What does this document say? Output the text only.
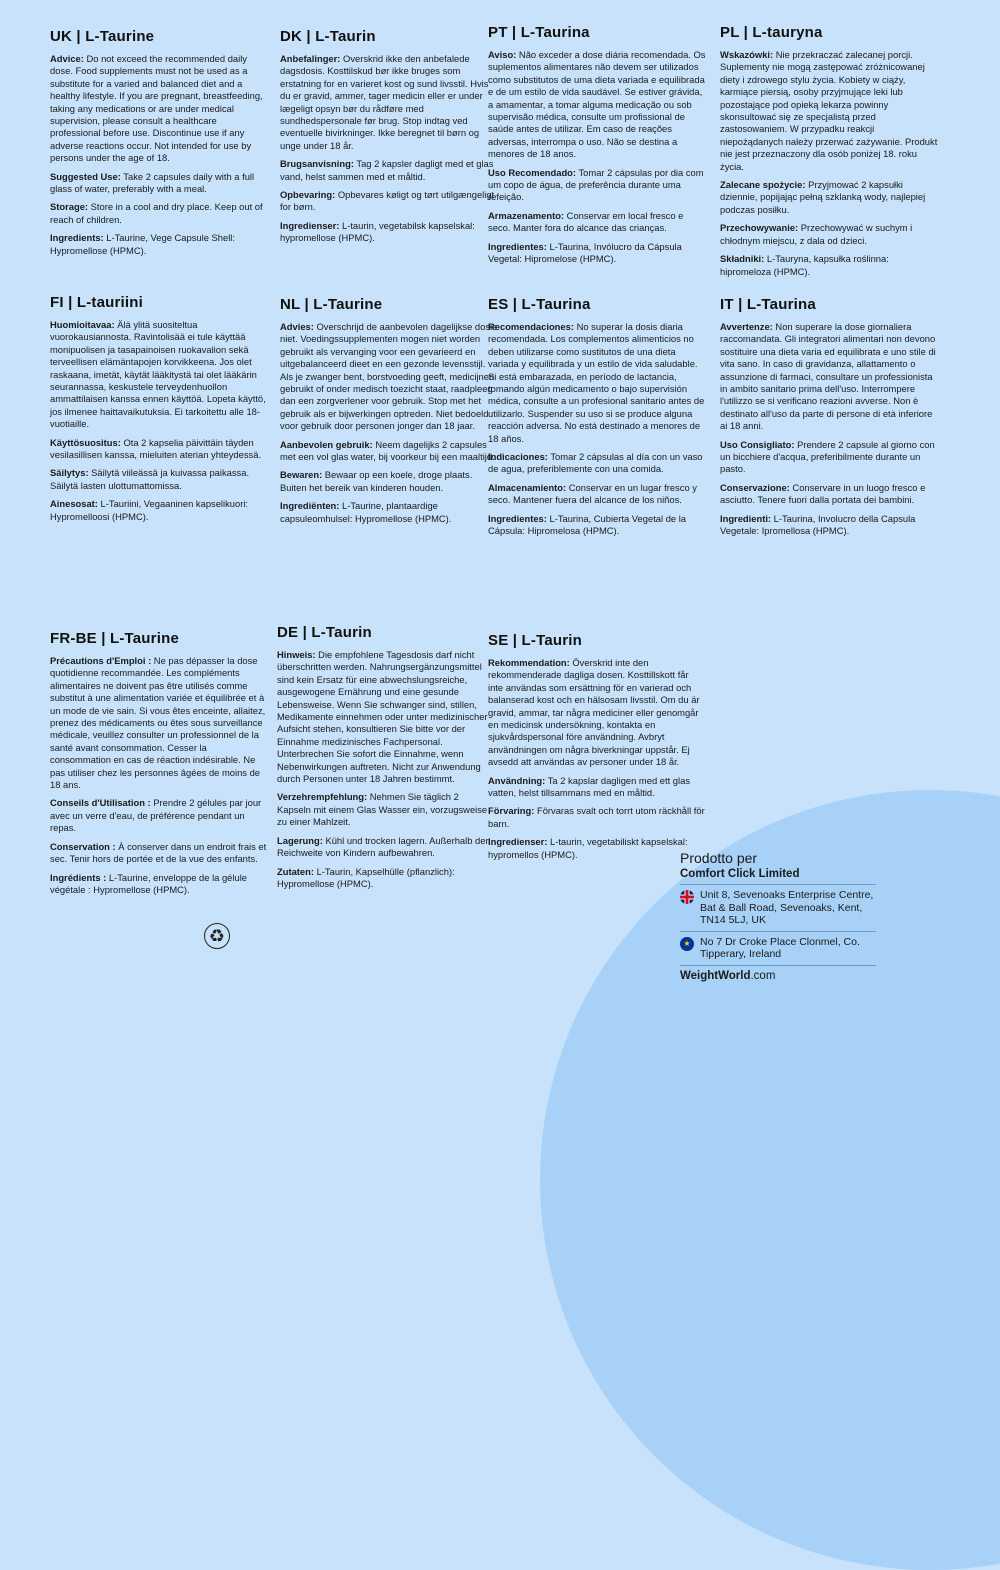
UK | L-Taurine

Advice: Do not exceed the recommended daily dose. Food supplements must not be used as a substitute for a varied and balanced diet and a healthy lifestyle. If you are pregnant, breastfeeding, taking any medications or are under medical supervision, please consult a healthcare professional before use. Discontinue use if any adverse reactions occur. Not intended for use by persons under the age of 18.

Suggested Use: Take 2 capsules daily with a full glass of water, preferably with a meal.

Storage: Store in a cool and dry place. Keep out of reach of children.

Ingredients: L-Taurine, Vege Capsule Shell: Hypromellose (HPMC).

DK | L-Taurin

Anbefalinger: Overskrid ikke den anbefalede dagsdosis. Kosttilskud bør ikke bruges som erstatning for en varieret kost og sund livsstil. Hvis du er gravid, ammer, tager medicin eller er under lægeligt opsyn bør du rådføre med sundhedspersonale før brug. Stop indtag ved eventuelle bivirkninger. Ikke beregnet til børn og unge under 18 år.

Brugsanvisning: Tag 2 kapsler dagligt med et glas vand, helst sammen med et måltid.

Opbevaring: Opbevares køligt og tørt utilgængeligt for børn.

Ingredienser: L-taurin, vegetabilsk kapselskal: hypromellose (HPMC).

PT | L-Taurina

Aviso: Não exceder a dose diária recomendada. Os suplementos alimentares não devem ser utilizados como substitutos de uma dieta variada e equilibrada e de um estilo de vida saudável. Se estiver grávida, a amamentar, a tomar alguma medicação ou sob supervisão médica, consulte um profissional de saúde antes de utilizar. Em caso de reações adversas, interrompa o uso. Não se destina a menores de 18 anos.

Uso Recomendado: Tomar 2 cápsulas por dia com um copo de água, de preferência durante uma refeição.

Armazenamento: Conservar em local fresco e seco. Manter fora do alcance das crianças.

Ingredientes: L-Taurina, Invólucro da Cápsula Vegetal: Hipromelose (HPMC).

PL | L-tauryna

Wskazówki: Nie przekraczać zalecanej porcji. Suplementy nie mogą zastępować zróżnicowanej diety i zdrowego stylu życia. Kobiety w ciąży, karmiące piersią, osoby przyjmujące leki lub pozostające pod opieką lekarza powinny skonsultować się ze specjalistą przed zastosowaniem. W przypadku reakcji niepożądanych należy przerwać zażywanie. Produkt nie jest przeznaczony dla osób poniżej 18. roku życia.

Zalecane spożycie: Przyjmować 2 kapsułki dziennie, popijając pełną szklanką wody, najlepiej podczas posiłku.

Przechowywanie: Przechowywać w suchym i chłodnym miejscu, z dala od dzieci.

Składniki: L-Tauryna, kapsułka roślinna: hipromeloza (HPMC).

FI | L-tauriini

Huomioitavaa: Älä ylitä suositeltua vuorokausiannosta. Ravintolisää ei tule käyttää monipuolisen ja tasapainoisen ruokavalion sekä terveellisen elämäntapojen korvikkeena. Jos olet raskaana, imetät, käytät lääkitystä tai olet lääkärin seurannassa, keskustele terveydenhuollon ammattilaisen kanssa ennen käyttöä. Lopeta käyttö, jos ilmenee haittavaikutuksia. Ei tarkoitettu alle 18-vuotiaille.

Käyttösuositus: Ota 2 kapselia päivittäin täyden vesilasillisen kanssa, mieluiten aterian yhteydessä.

Säilytys: Säilytä viileässä ja kuivassa paikassa. Säilytä lasten ulottumattomissa.

Ainesosat: L-Tauriini, Vegaaninen kapselikuori: Hypromelloosi (HPMC).

NL | L-Taurine

Advies: Overschrijd de aanbevolen dagelijkse dosis niet. Voedingssupplementen mogen niet worden gebruikt als vervanging voor een gevarieerd en uitgebalanceerd dieet en een gezonde levensstijl. Als je zwanger bent, borstvoeding geeft, medicijnen gebruikt of onder medisch toezicht staat, raadpleeg dan een zorgverlener voor gebruik. Stop met het gebruik als er bijwerkingen optreden. Niet bedoeld voor gebruik door personen jonger dan 18 jaar.

Aanbevolen gebruik: Neem dagelijks 2 capsules met een vol glas water, bij voorkeur bij een maaltijd.

Bewaren: Bewaar op een koele, droge plaats. Buiten het bereik van kinderen houden.

Ingrediënten: L-Taurine, plantaardige capsuleomhulsel: Hypromellose (HPMC).

ES | L-Taurina

Recomendaciones: No superar la dosis diaria recomendada. Los complementos alimenticios no deben utilizarse como sustitutos de una dieta variada y equilibrada y un estilo de vida saludable. Si está embarazada, en período de lactancia, tomando algún medicamento o bajo supervisión médica, consulte a un profesional sanitario antes de utilizarlo. Suspender su uso si se produce alguna reacción adversa. No está destinado a menores de 18 años.

Indicaciones: Tomar 2 cápsulas al día con un vaso de agua, preferiblemente con una comida.

Almacenamiento: Conservar en un lugar fresco y seco. Mantener fuera del alcance de los niños.

Ingredientes: L-Taurina, Cubierta Vegetal de la Cápsula: Hipromelosa (HPMC).

IT | L-Taurina

Avvertenze: Non superare la dose giornaliera raccomandata. Gli integratori alimentari non devono sostituire una dieta varia ed equilibrata e uno stile di vita sano. In caso di gravidanza, allattamento o assunzione di farmaci, consultare un professionista in ambito sanitario prima dell'uso. Interrompere l'utilizzo se si verificano reazioni avverse. Non è destinato all'uso da parte di persone di età inferiore ai 18 anni.

Uso Consigliato: Prendere 2 capsule al giorno con un bicchiere d'acqua, preferibilmente durante un pasto.

Conservazione: Conservare in un luogo fresco e asciutto. Tenere fuori dalla portata dei bambini.

Ingredienti: L-Taurina, Involucro della Capsula Vegetale: Ipromellosa (HPMC).

FR-BE | L-Taurine

Précautions d'Emploi : Ne pas dépasser la dose quotidienne recommandée. Les compléments alimentaires ne doivent pas être utilisés comme substitut à une alimentation variée et équilibrée et à un mode de vie sain. Si vous êtes enceinte, allaitez, prenez des médicaments ou êtes sous surveillance médicale, veuillez consulter un professionnel de la santé avant consommation. Cesser la consommation en cas de réaction indésirable. Ne pas utiliser chez les personnes âgées de moins de 18 ans.

Conseils d'Utilisation : Prendre 2 gélules par jour avec un verre d'eau, de préférence pendant un repas.

Conservation : À conserver dans un endroit frais et sec. Tenir hors de portée et de la vue des enfants.

Ingrédients : L-Taurine, enveloppe de la gélule végétale : Hypromellose (HPMC).

DE | L-Taurin

Hinweis: Die empfohlene Tagesdosis darf nicht überschritten werden. Nahrungsergänzungsmittel sind kein Ersatz für eine abwechslungsreiche, ausgewogene Ernährung und eine gesunde Lebensweise. Wenn Sie schwanger sind, stillen, Medikamente einnehmen oder unter medizinischer Aufsicht stehen, konsultieren Sie bitte vor der Einnahme medizinisches Fachpersonal. Unterbrechen Sie sofort die Einnahme, wenn Nebenwirkungen auftreten. Nicht zur Anwendung durch Personen unter 18 Jahren bestimmt.

Verzehrempfehlung: Nehmen Sie täglich 2 Kapseln mit einem Glas Wasser ein, vorzugsweise zu einer Mahlzeit.

Lagerung: Kühl und trocken lagern. Außerhalb der Reichweite von Kindern aufbewahren.

Zutaten: L-Taurin, Kapselhülle (pflanzlich): Hypromellose (HPMC).

SE | L-Taurin

Rekommendation: Överskrid inte den rekommenderade dagliga dosen. Kosttillskott får inte användas som ersättning för en varierad och balanserad kost och en hälsosam livsstil. Om du är gravid, ammar, tar några mediciner eller genomgår en medicinsk undersökning, kontakta en sjukvårdspersonal före användning. Avbryt användningen om några biverkningar uppstår. Ej avsedd att användas av personer under 18 år.

Användning: Ta 2 kapslar dagligen med ett glas vatten, helst tillsammans med en måltid.

Förvaring: Förvaras svalt och torrt utom räckhåll för barn.

Ingredienser: L-taurin, vegetabiliskt kapselskal: hypromellos (HPMC).

♻
Prodotto per
Comfort Click Limited
Unit 8, Sevenoaks Enterprise Centre, Bat & Ball Road, Sevenoaks, Kent, TN14 5LJ, UK
★ No 7 Dr Croke Place Clonmel, Co. Tipperary, Ireland
WeightWorld.com
